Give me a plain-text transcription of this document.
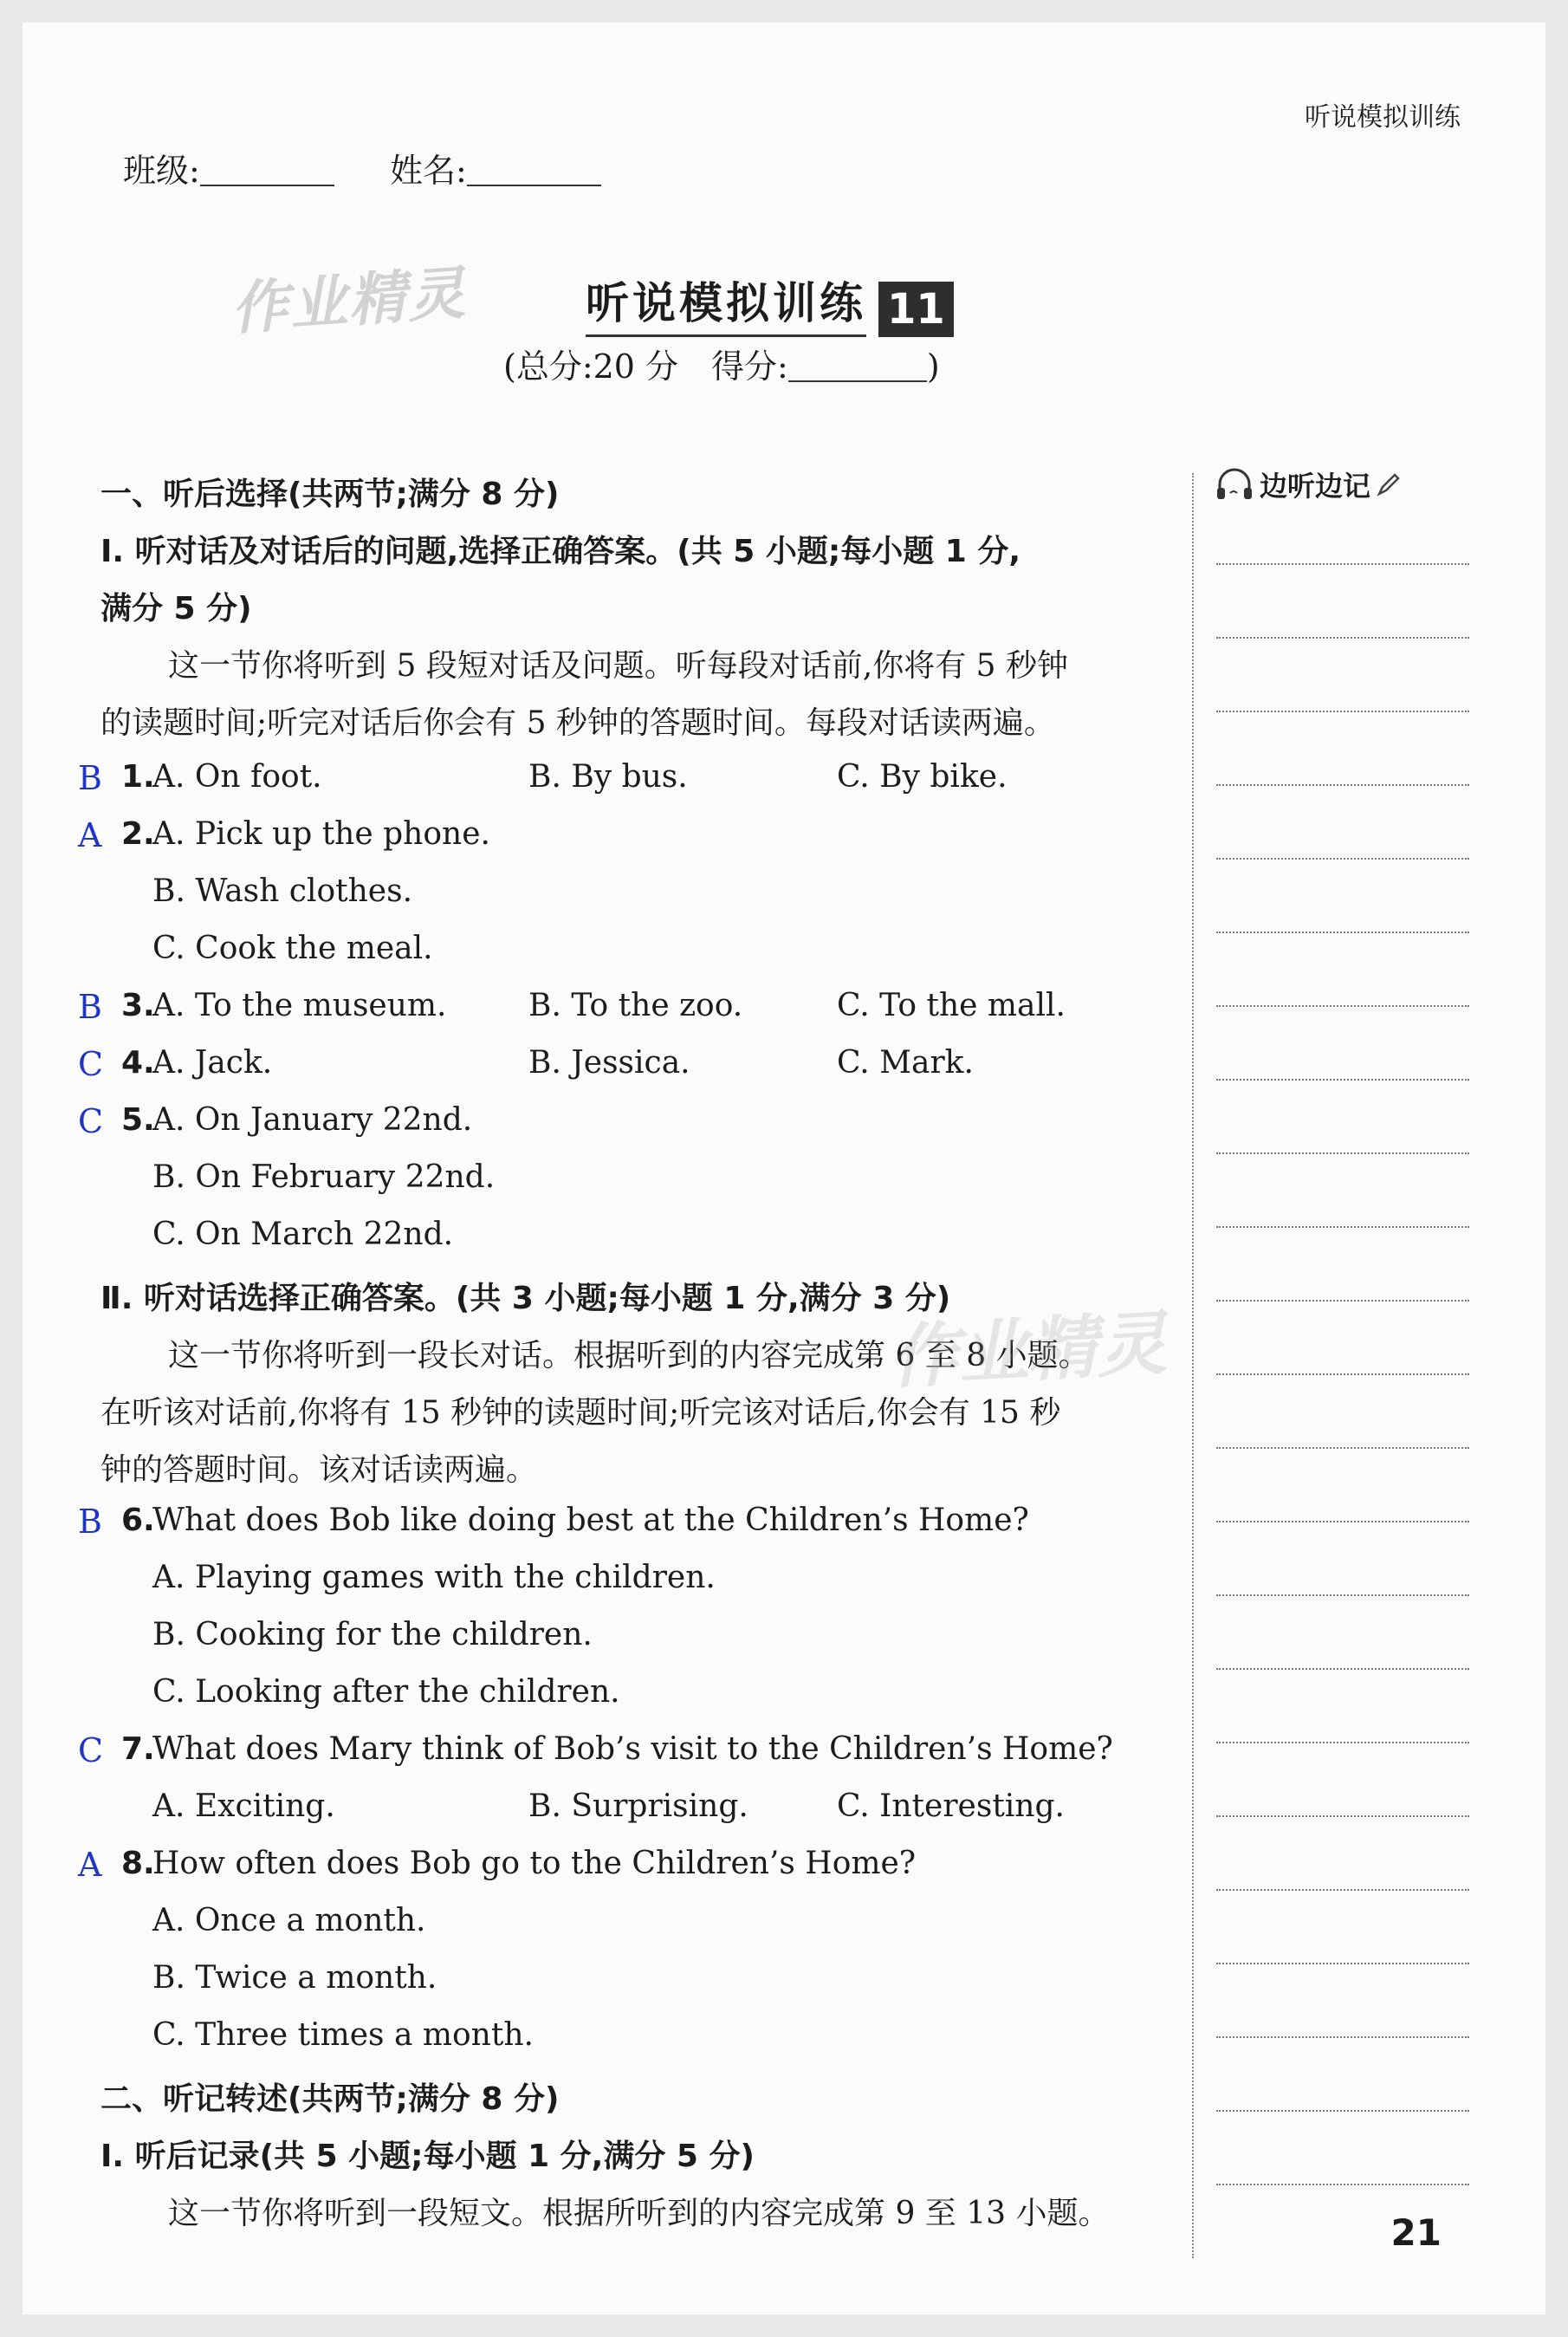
听说模拟训练
班级:	姓名:
作业精灵	听说模拟训练 11
(总分:20 分　得分:	)
边听边记
一、听后选择(共两节;满分 8 分)
Ⅰ. 听对话及对话后的问题,选择正确答案。(共 5 小题;每小题 1 分,
满分 5 分)
这一节你将听到 5 段短对话及问题。听每段对话前,你将有 5 秒钟
的读题时间;听完对话后你会有 5 秒钟的答题时间。每段对话读两遍。
B 1.
A. On foot.	B. By bus.	C. By bike.
A 2.
A. Pick up the phone.
B. Wash clothes.
C. Cook the meal.
B 3.
A. To the museum.	B. To the zoo.	C. To the mall.
C 4.
A. Jack.	B. Jessica.	C. Mark.
C 5.
A. On January 22nd.
B. On February 22nd.
C. On March 22nd.
Ⅱ. 听对话选择正确答案。(共 3 小题;每小题 1 分,满分 3 分)
这一节你将听到一段长对话。根据听到的内容完成第 6 至 8 小题。
在听该对话前,你将有 15 秒钟的读题时间;听完该对话后,你会有 15 秒
钟的答题时间。该对话读两遍。
作业精灵
B 6.
What does Bob like doing best at the Children’s Home?
A. Playing games with the children.
B. Cooking for the children.
C. Looking after the children.
C 7.
What does Mary think of Bob’s visit to the Children’s Home?
A. Exciting.	B. Surprising.	C. Interesting.
A 8.
How often does Bob go to the Children’s Home?
A. Once a month.
B. Twice a month.
C. Three times a month.
二、听记转述(共两节;满分 8 分)
Ⅰ. 听后记录(共 5 小题;每小题 1 分,满分 5 分)
这一节你将听到一段短文。根据所听到的内容完成第 9 至 13 小题。	21
